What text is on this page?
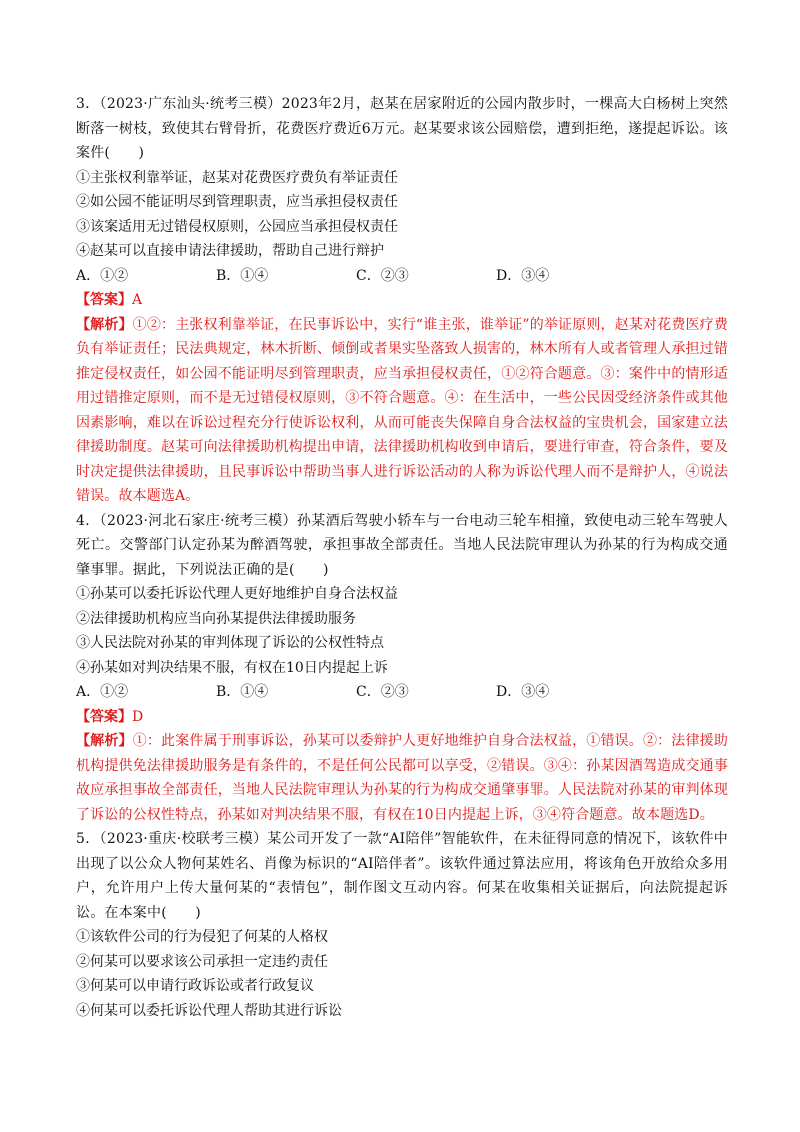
3．（2023·广东汕头·统考三模）2023年2月，赵某在居家附近的公园内散步时，一棵高大白杨树上突然断落一树枝，致使其右臂骨折，花费医疗费近6万元。赵某要求该公园赔偿，遭到拒绝，遂提起诉讼。该案件(　　)
①主张权利靠举证，赵某对花费医疗费负有举证责任
②如公园不能证明尽到管理职责，应当承担侵权责任
③该案适用无过错侵权原则，公园应当承担侵权责任
④赵某可以直接申请法律援助，帮助自己进行辩护
A．①②	B．①④	C．②③	D．③④
【答案】A
【解析】①②：主张权利靠举证，在民事诉讼中，实行“谁主张，谁举证”的举证原则，赵某对花费医疗费负有举证责任；民法典规定，林木折断、倾倒或者果实坠落致人损害的，林木所有人或者管理人承担过错推定侵权责任，如公园不能证明尽到管理职责，应当承担侵权责任，①②符合题意。③：案件中的情形适用过错推定原则，而不是无过错侵权原则，③不符合题意。④：在生活中，一些公民因受经济条件或其他因素影响，难以在诉讼过程充分行使诉讼权利，从而可能丧失保障自身合法权益的宝贵机会，国家建立法律援助制度。赵某可向法律援助机构提出申请，法律援助机构收到申请后，要进行审查，符合条件，要及时决定提供法律援助，且民事诉讼中帮助当事人进行诉讼活动的人称为诉讼代理人而不是辩护人，④说法错误。故本题选A。
4．（2023·河北石家庄·统考三模）孙某酒后驾驶小轿车与一台电动三轮车相撞，致使电动三轮车驾驶人死亡。交警部门认定孙某为醉酒驾驶，承担事故全部责任。当地人民法院审理认为孙某的行为构成交通肇事罪。据此，下列说法正确的是(　　)
①孙某可以委托诉讼代理人更好地维护自身合法权益
②法律援助机构应当向孙某提供法律援助服务
③人民法院对孙某的审判体现了诉讼的公权性特点
④孙某如对判决结果不服，有权在10日内提起上诉
A．①②	B．①④	C．②③	D．③④
【答案】D
【解析】①：此案件属于刑事诉讼，孙某可以委辩护人更好地维护自身合法权益，①错误。②：法律援助机构提供免法律援助服务是有条件的，不是任何公民都可以享受，②错误。③④：孙某因酒驾造成交通事故应承担事故全部责任，当地人民法院审理认为孙某的行为构成交通肇事罪。人民法院对孙某的审判体现了诉讼的公权性特点，孙某如对判决结果不服，有权在10日内提起上诉，③④符合题意。故本题选D。
5．（2023·重庆·校联考三模）某公司开发了一款“AI陪伴”智能软件，在未征得同意的情况下，该软件中出现了以公众人物何某姓名、肖像为标识的“AI陪伴者”。该软件通过算法应用，将该角色开放给众多用户，允许用户上传大量何某的“表情包”，制作图文互动内容。何某在收集相关证据后，向法院提起诉讼。在本案中(　　)
①该软件公司的行为侵犯了何某的人格权
②何某可以要求该公司承担一定违约责任
③何某可以申请行政诉讼或者行政复议
④何某可以委托诉讼代理人帮助其进行诉讼
